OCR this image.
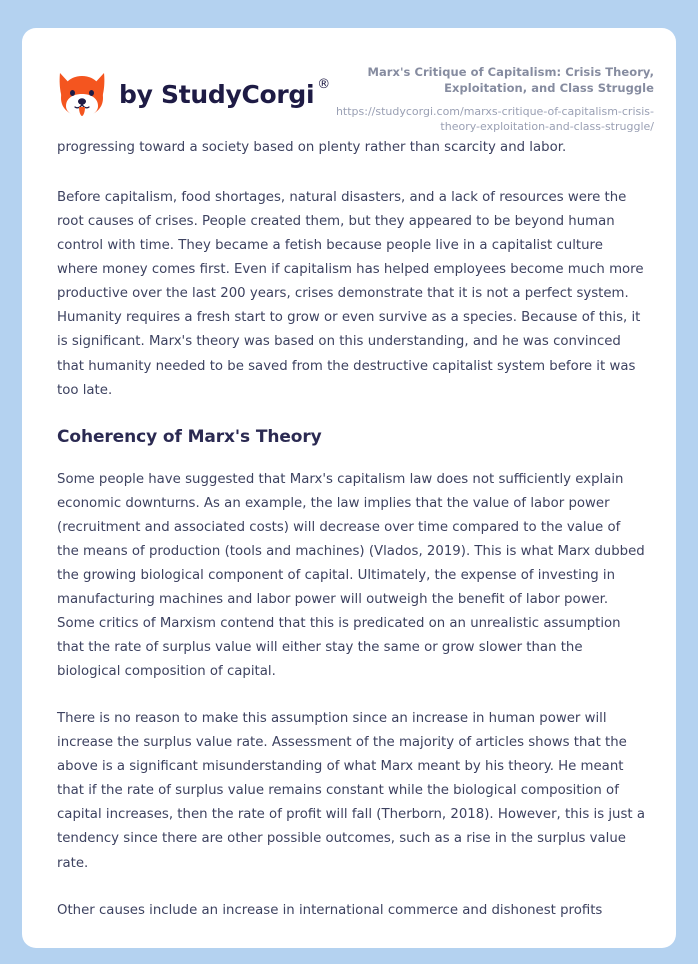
by StudyCorgi ®

Marx's Critique of Capitalism: Crisis Theory, Exploitation, and Class Struggle

https://studycorgi.com/marxs-critique-of-capitalism-crisis-theory-exploitation-and-class-struggle/

progressing toward a society based on plenty rather than scarcity and labor.

Before capitalism, food shortages, natural disasters, and a lack of resources were the root causes of crises. People created them, but they appeared to be beyond human control with time. They became a fetish because people live in a capitalist culture where money comes first. Even if capitalism has helped employees become much more productive over the last 200 years, crises demonstrate that it is not a perfect system. Humanity requires a fresh start to grow or even survive as a species. Because of this, it is significant. Marx's theory was based on this understanding, and he was convinced that humanity needed to be saved from the destructive capitalist system before it was too late.

Coherency of Marx's Theory

Some people have suggested that Marx's capitalism law does not sufficiently explain economic downturns. As an example, the law implies that the value of labor power (recruitment and associated costs) will decrease over time compared to the value of the means of production (tools and machines) (Vlados, 2019). This is what Marx dubbed the growing biological component of capital. Ultimately, the expense of investing in manufacturing machines and labor power will outweigh the benefit of labor power. Some critics of Marxism contend that this is predicated on an unrealistic assumption that the rate of surplus value will either stay the same or grow slower than the biological composition of capital.

There is no reason to make this assumption since an increase in human power will increase the surplus value rate. Assessment of the majority of articles shows that the above is a significant misunderstanding of what Marx meant by his theory. He meant that if the rate of surplus value remains constant while the biological composition of capital increases, then the rate of profit will fall (Therborn, 2018). However, this is just a tendency since there are other possible outcomes, such as a rise in the surplus value rate.

Other causes include an increase in international commerce and dishonest profits
